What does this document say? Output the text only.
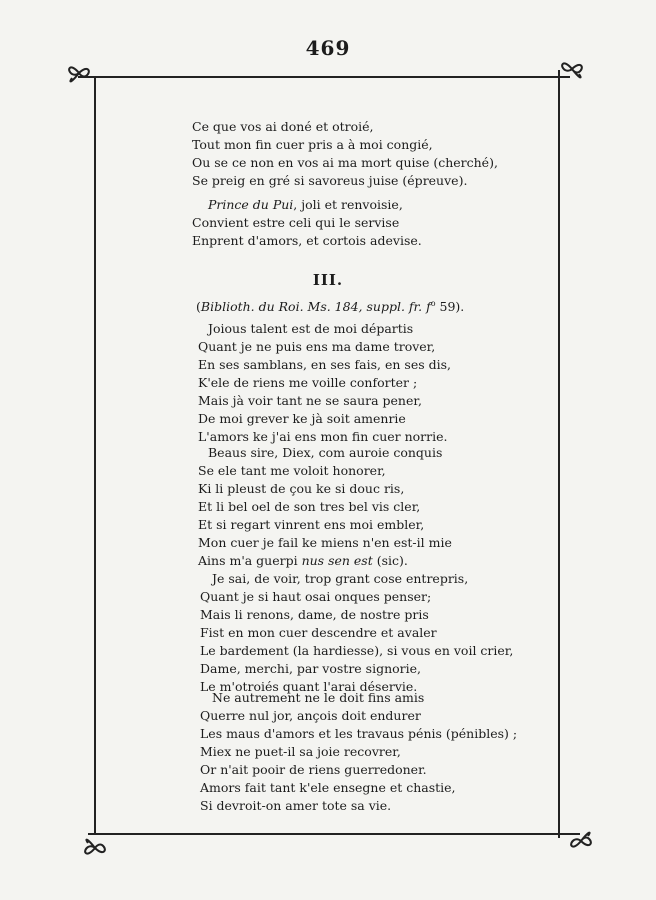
469
Ce que vos ai doné et otroié,
Tout mon fin cuer pris a à moi congié,
Ou se ce non en vos ai ma mort quise (cherché),
Se preig en gré si savoreus juise (épreuve).
Prince du Pui, joli et renvoisie,
Convient estre celi qui le servise
Enprent d'amors, et cortois adevise.
III.
(Biblioth. du Roi. Ms. 184, suppl. fr. $f^o$ 59).
Joious talent est de moi départis
Quant je ne puis ens ma dame trover,
En ses samblans, en ses fais, en ses dis,
K'ele de riens me voille conforter ;
Mais jà voir tant ne se saura pener,
De moi grever ke jà soit amenrie
L'amors ke j'ai ens mon fin cuer norrie.
Beaus sire, Diex, com auroie conquis
Se ele tant me voloit honorer,
Ki li pleust de çou ke si douc ris,
Et li bel oel de son tres bel vis cler,
Et si regart vinrent ens moi embler,
Mon cuer je fail ke miens n'en est-il mie
Ains m'a guerpi nus sen est (sic).
Je sai, de voir, trop grant cose entrepris,
Quant je si haut osai onques penser;
Mais li renons, dame, de nostre pris
Fist en mon cuer descendre et avaler
Le bardement (la hardiesse), si vous en voil crier,
Dame, merchi, par vostre signorie,
Le m'otroiés quant l'arai déservie.
Ne autrement ne le doit fins amis
Querre nul jor, ançois doit endurer
Les maus d'amors et les travaus pénis (pénibles) ;
Miex ne puet-il sa joie recovrer,
Or n'ait pooir de riens guerredoner.
Amors fait tant k'ele ensegne et chastie,
Si devroit-on amer tote sa vie.
